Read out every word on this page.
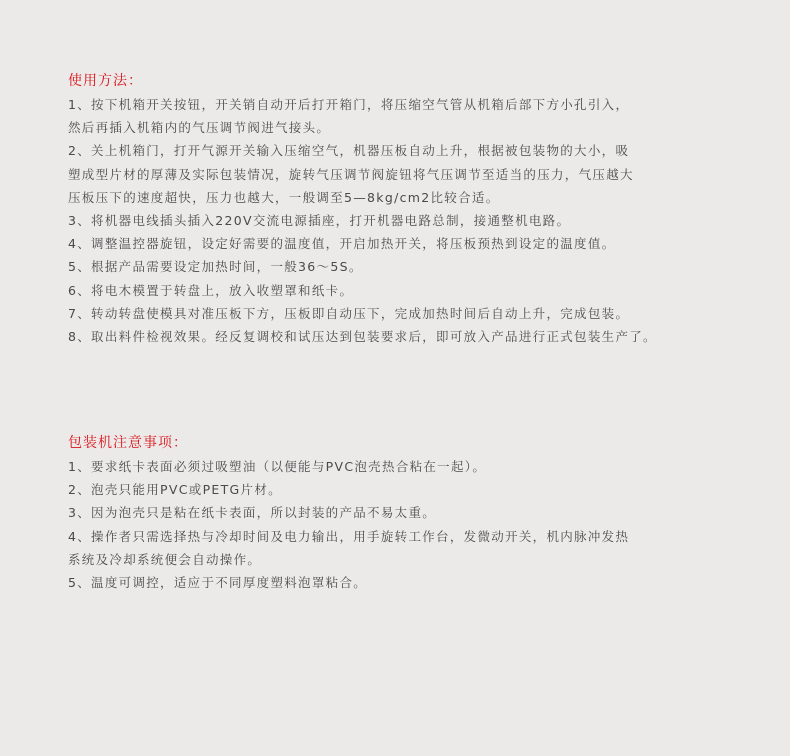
使用方法：
1、按下机箱开关按钮，开关销自动开后打开箱门，将压缩空气管从机箱后部下方小孔引入，
然后再插入机箱内的气压调节阀进气接头。
2、关上机箱门，打开气源开关输入压缩空气，机器压板自动上升，根据被包装物的大小，吸
塑成型片材的厚薄及实际包装情况，旋转气压调节阀旋钮将气压调节至适当的压力，气压越大
压板压下的速度超快，压力也越大，一般调至5—8kg/cm2比较合适。
3、将机器电线插头插入220V交流电源插座，打开机器电路总制，接通整机电路。
4、调整温控器旋钮，设定好需要的温度值，开启加热开关，将压板预热到设定的温度值。
5、根据产品需要设定加热时间，一般36～5S。
6、将电木模置于转盘上，放入收塑罩和纸卡。
7、转动转盘使模具对准压板下方，压板即自动压下，完成加热时间后自动上升，完成包装。
8、取出料件检视效果。经反复调校和试压达到包装要求后，即可放入产品进行正式包装生产了。
包装机注意事项：
1、要求纸卡表面必须过吸塑油（以便能与PVC泡壳热合粘在一起）。
2、泡壳只能用PVC或PETG片材。
3、因为泡壳只是粘在纸卡表面，所以封装的产品不易太重。
4、操作者只需选择热与冷却时间及电力输出，用手旋转工作台，发微动开关，机内脉冲发热
系统及冷却系统便会自动操作。
5、温度可调控，适应于不同厚度塑料泡罩粘合。
